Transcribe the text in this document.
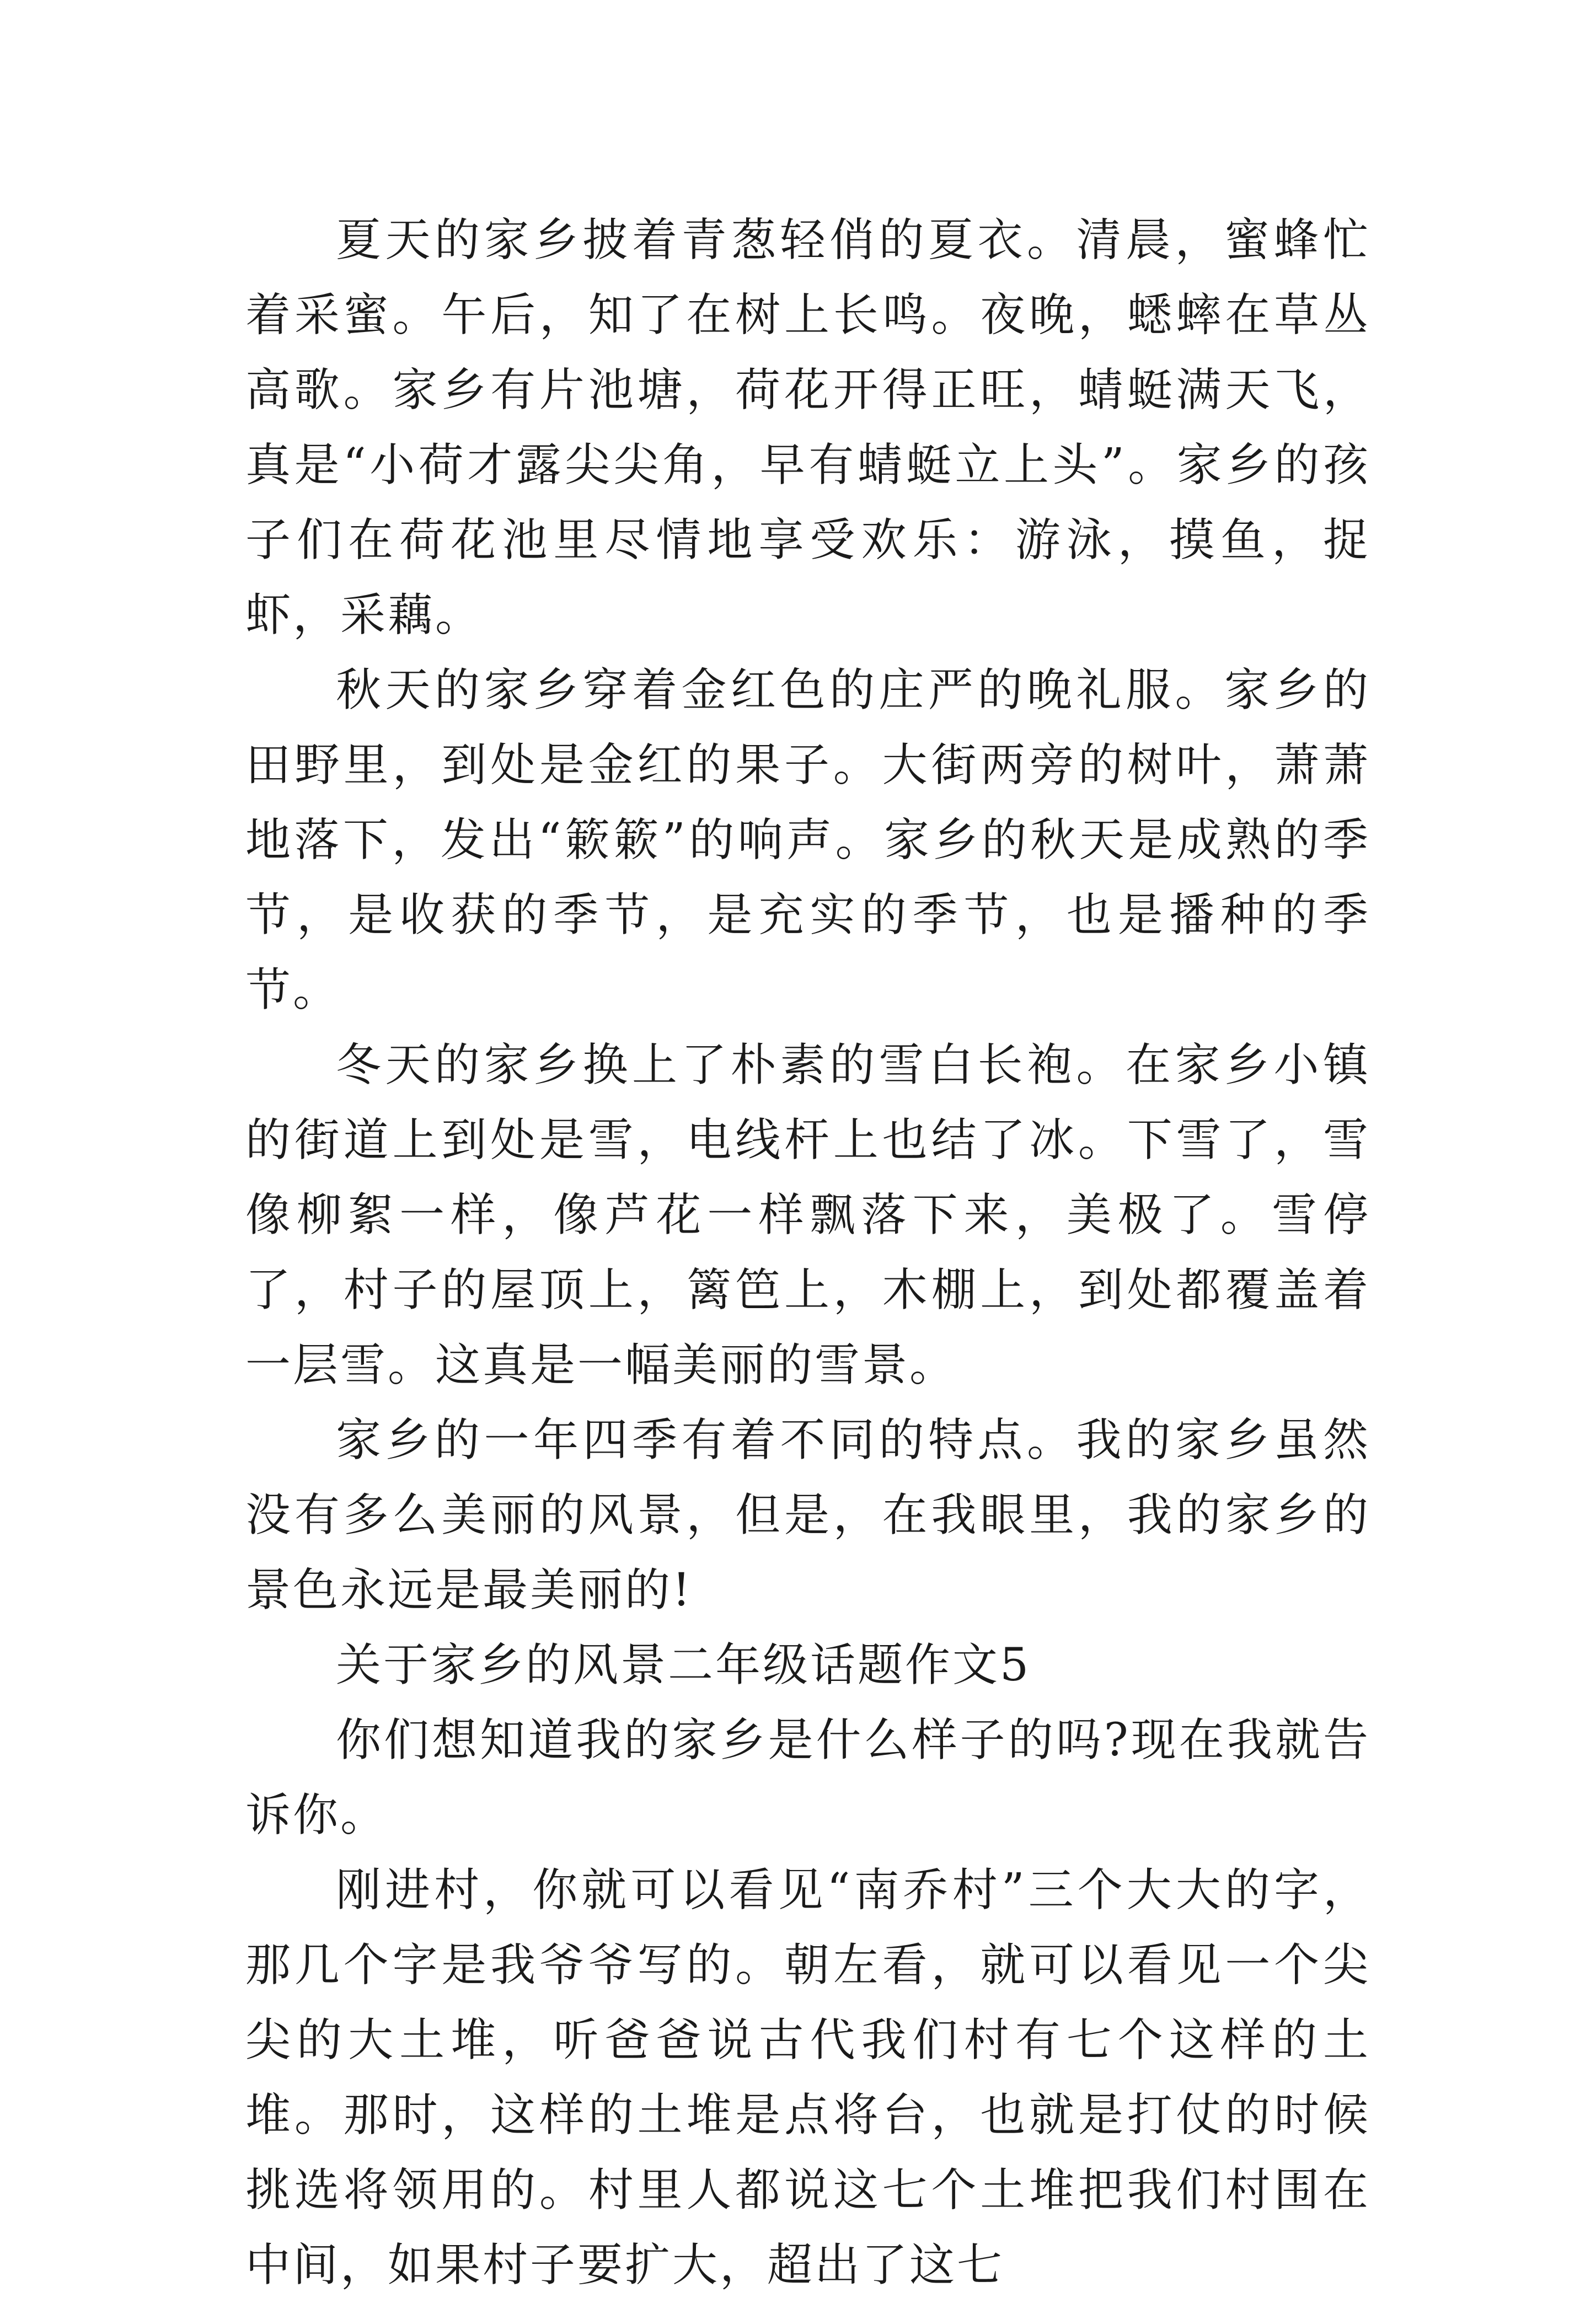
夏天的家乡披着青葱轻俏的夏衣。清晨，蜜蜂忙着采蜜。午后，知了在树上长鸣。夜晚，蟋蟀在草丛高歌。家乡有片池塘，荷花开得正旺，蜻蜓满天飞，真是“小荷才露尖尖角，早有蜻蜓立上头”。家乡的孩子们在荷花池里尽情地享受欢乐：游泳，摸鱼，捉虾，采藕。

秋天的家乡穿着金红色的庄严的晚礼服。家乡的田野里，到处是金红的果子。大街两旁的树叶，萧萧地落下，发出“簌簌”的响声。家乡的秋天是成熟的季节，是收获的季节，是充实的季节，也是播种的季节。

冬天的家乡换上了朴素的雪白长袍。在家乡小镇的街道上到处是雪，电线杆上也结了冰。下雪了，雪像柳絮一样，像芦花一样飘落下来，美极了。雪停了，村子的屋顶上，篱笆上，木棚上，到处都覆盖着一层雪。这真是一幅美丽的雪景。

家乡的一年四季有着不同的特点。我的家乡虽然没有多么美丽的风景，但是，在我眼里，我的家乡的景色永远是最美丽的!

关于家乡的风景二年级话题作文5

你们想知道我的家乡是什么样子的吗?现在我就告诉你。

刚进村，你就可以看见“南乔村”三个大大的字，那几个字是我爷爷写的。朝左看，就可以看见一个尖尖的大土堆，听爸爸说古代我们村有七个这样的土堆。那时，这样的土堆是点将台，也就是打仗的时候挑选将领用的。村里人都说这七个土堆把我们村围在中间，如果村子要扩大，超出了这七
